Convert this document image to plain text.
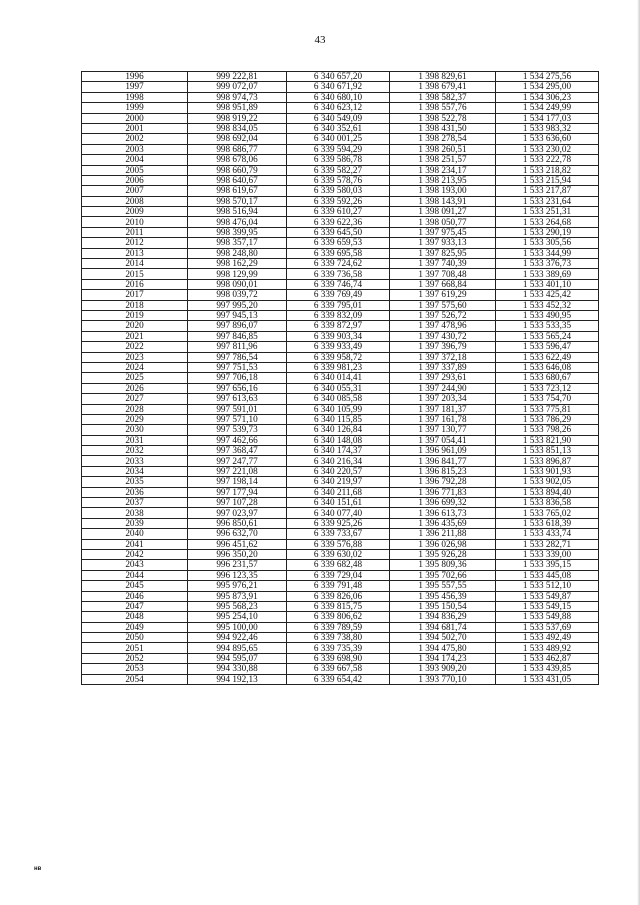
43
1996	999 222,81	6 340 657,20	1 398 829,61	1 534 275,56
1997	999 072,07	6 340 671,92	1 398 679,41	1 534 295,00
1998	998 974,73	6 340 680,10	1 398 582,37	1 534 306,23
1999	998 951,89	6 340 623,12	1 398 557,76	1 534 249,99
2000	998 919,22	6 340 549,09	1 398 522,78	1 534 177,03
2001	998 834,05	6 340 352,61	1 398 431,50	1 533 983,32
2002	998 692,04	6 340 001,25	1 398 278,54	1 533 636,60
2003	998 686,77	6 339 594,29	1 398 260,51	1 533 230,02
2004	998 678,06	6 339 586,78	1 398 251,57	1 533 222,78
2005	998 660,79	6 339 582,27	1 398 234,17	1 533 218,82
2006	998 640,67	6 339 578,76	1 398 213,95	1 533 215,94
2007	998 619,67	6 339 580,03	1 398 193,00	1 533 217,87
2008	998 570,17	6 339 592,26	1 398 143,91	1 533 231,64
2009	998 516,94	6 339 610,27	1 398 091,27	1 533 251,31
2010	998 476,04	6 339 622,36	1 398 050,77	1 533 264,68
2011	998 399,95	6 339 645,50	1 397 975,45	1 533 290,19
2012	998 357,17	6 339 659,53	1 397 933,13	1 533 305,56
2013	998 248,80	6 339 695,58	1 397 825,95	1 533 344,99
2014	998 162,29	6 339 724,62	1 397 740,39	1 533 376,73
2015	998 129,99	6 339 736,58	1 397 708,48	1 533 389,69
2016	998 090,01	6 339 746,74	1 397 668,84	1 533 401,10
2017	998 039,72	6 339 769,49	1 397 619,29	1 533 425,42
2018	997 995,20	6 339 795,01	1 397 575,60	1 533 452,32
2019	997 945,13	6 339 832,09	1 397 526,72	1 533 490,95
2020	997 896,07	6 339 872,97	1 397 478,96	1 533 533,35
2021	997 846,85	6 339 903,34	1 397 430,72	1 533 565,24
2022	997 811,96	6 339 933,49	1 397 396,79	1 533 596,47
2023	997 786,54	6 339 958,72	1 397 372,18	1 533 622,49
2024	997 751,53	6 339 981,23	1 397 337,89	1 533 646,08
2025	997 706,18	6 340 014,41	1 397 293,61	1 533 680,67
2026	997 656,16	6 340 055,31	1 397 244,90	1 533 723,12
2027	997 613,63	6 340 085,58	1 397 203,34	1 533 754,70
2028	997 591,01	6 340 105,99	1 397 181,37	1 533 775,81
2029	997 571,10	6 340 115,85	1 397 161,78	1 533 786,29
2030	997 539,73	6 340 126,84	1 397 130,77	1 533 798,26
2031	997 462,66	6 340 148,08	1 397 054,41	1 533 821,90
2032	997 368,47	6 340 174,37	1 396 961,09	1 533 851,13
2033	997 247,77	6 340 216,34	1 396 841,77	1 533 896,87
2034	997 221,08	6 340 220,57	1 396 815,23	1 533 901,93
2035	997 198,14	6 340 219,97	1 396 792,28	1 533 902,05
2036	997 177,94	6 340 211,68	1 396 771,83	1 533 894,40
2037	997 107,28	6 340 151,61	1 396 699,32	1 533 836,58
2038	997 023,97	6 340 077,40	1 396 613,73	1 533 765,02
2039	996 850,61	6 339 925,26	1 396 435,69	1 533 618,39
2040	996 632,70	6 339 733,67	1 396 211,88	1 533 433,74
2041	996 451,62	6 339 576,88	1 396 026,98	1 533 282,71
2042	996 350,20	6 339 630,02	1 395 926,28	1 533 339,00
2043	996 231,57	6 339 682,48	1 395 809,36	1 533 395,15
2044	996 123,35	6 339 729,04	1 395 702,66	1 533 445,08
2045	995 976,21	6 339 791,48	1 395 557,55	1 533 512,10
2046	995 873,91	6 339 826,06	1 395 456,39	1 533 549,87
2047	995 568,23	6 339 815,75	1 395 150,54	1 533 549,15
2048	995 254,10	6 339 806,62	1 394 836,29	1 533 549,88
2049	995 100,00	6 339 789,59	1 394 681,74	1 533 537,69
2050	994 922,46	6 339 738,80	1 394 502,70	1 533 492,49
2051	994 895,65	6 339 735,39	1 394 475,80	1 533 489,92
2052	994 595,07	6 339 698,90	1 394 174,23	1 533 462,87
2053	994 330,88	6 339 667,58	1 393 909,20	1 533 439,85
2054	994 192,13	6 339 654,42	1 393 770,10	1 533 431,05
нв
